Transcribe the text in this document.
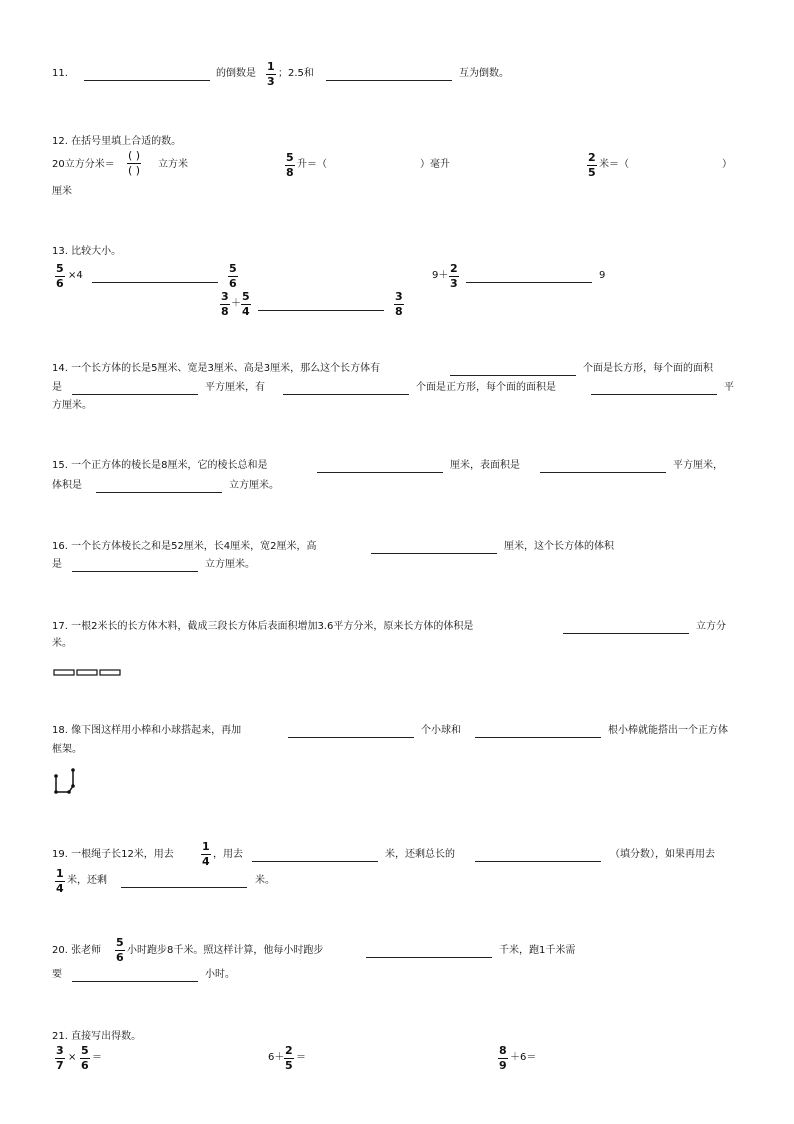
11.	的倒数是
1
3
；2.5和	互为倒数。
12. 在括号里填上合适的数。
20立方分米＝
( )
( ) 立方米
5
8
升＝（	）毫升
2
5
米＝（	）
厘米
13. 比较大小。
5
6
×4
5
6
9＋
2
3
9
3
8
＋
5
4
3
8
14. 一个长方体的长是5厘米、宽是3厘米、高是3厘米，那么这个长方体有	个面是长方形，每个面的面积
是	平方厘米，有	个面是正方形，每个面的面积是	平
方厘米。
15. 一个正方体的棱长是8厘米，它的棱长总和是	厘米，表面积是	平方厘米，
体积是	立方厘米。
16. 一个长方体棱长之和是52厘米，长4厘米，宽2厘米，高	厘米，这个长方体的体积
是	立方厘米。
17. 一根2米长的长方体木料，截成三段长方体后表面积增加3.6平方分米，原来长方体的体积是	立方分
米。
18. 像下图这样用小棒和小球搭起来，再加	个小球和	根小棒就能搭出一个正方体
框架。
19. 一根绳子长12米，用去
1
4
，用去	米，还剩总长的	（填分数），如果再用去
1
4
米，还剩	米。
20. 张老师
5
6
小时跑步8千米。照这样计算，他每小时跑步	千米，跑1千米需
要	小时。
21. 直接写出得数。
3
7
×
5
6
＝	6＋
2
5
＝
8
9
＋6＝
